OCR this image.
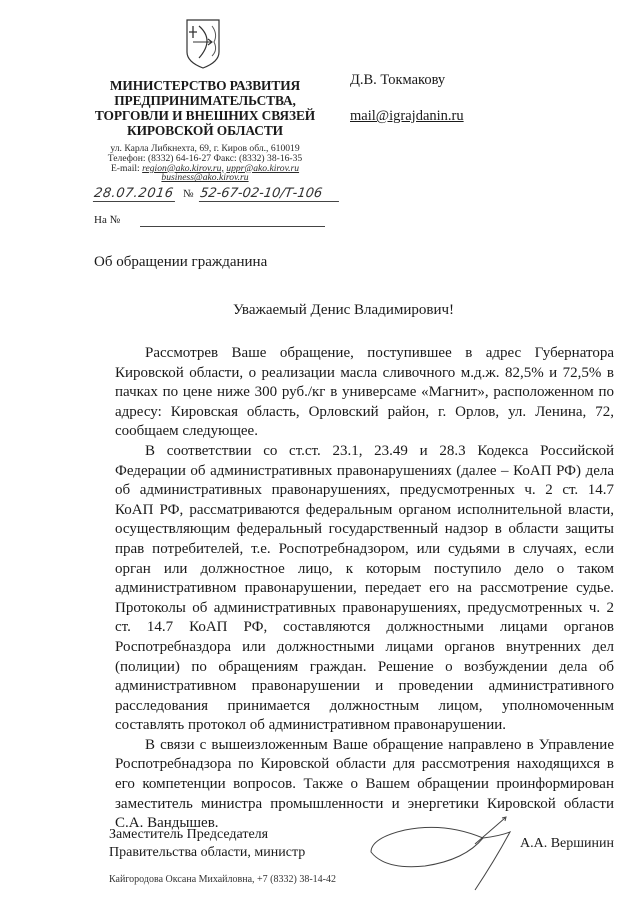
МИНИСТЕРСТВО РАЗВИТИЯ
ПРЕДПРИНИМАТЕЛЬСТВА,
ТОРГОВЛИ И ВНЕШНИХ СВЯЗЕЙ
КИРОВСКОЙ ОБЛАСТИ
ул. Карла Либкнехта, 69, г. Киров обл., 610019
Телефон: (8332) 64-16-27 Факс: (8332) 38-16-35
E-mail: region@ako.kirov.ru, uppr@ako.kirov.ru
business@ako.kirov.ru
Д.В. Токмакову
mail@igrajdanin.ru
28.07.2016 № 52-67-02-10/Т-106
На №
Об обращении гражданина
Уважаемый Денис Владимирович!

Рассмотрев Ваше обращение, поступившее в адрес Губернатора Кировской области, о реализации масла сливочного м.д.ж. 82,5% и 72,5% в пачках по цене ниже 300 руб./кг в универсаме «Магнит», расположенном по адресу: Кировская область, Орловский район, г. Орлов, ул. Ленина, 72, сообщаем следующее.

В соответствии со ст.ст. 23.1, 23.49 и 28.3 Кодекса Российской Федерации об административных правонарушениях (далее – КоАП РФ) дела об административных правонарушениях, предусмотренных ч. 2 ст. 14.7 КоАП РФ, рассматриваются федеральным органом исполнительной власти, осуществляющим федеральный государственный надзор в области защиты прав потребителей, т.е. Роспотребнадзором, или судьями в случаях, если орган или должностное лицо, к которым поступило дело о таком административном правонарушении, передает его на рассмотрение судье. Протоколы об административных правонарушениях, предусмотренных ч. 2 ст. 14.7 КоАП РФ, составляются должностными лицами органов Роспотребназдора или должностными лицами органов внутренних дел (полиции) по обращениям граждан. Решение о возбуждении дела об административном правонарушении и проведении административного расследования принимается должностным лицом, уполномоченным составлять протокол об административном правонарушении.

В связи с вышеизложенным Ваше обращение направлено в Управление Роспотребнадзора по Кировской области для рассмотрения находящихся в его компетенции вопросов. Также о Вашем обращении проинформирован заместитель министра промышленности и энергетики Кировской области С.А. Вандышев.

Заместитель Председателя
Правительства области, министр
А.А. Вершинин
Кайгородова Оксана Михайловна, +7 (8332) 38-14-42
